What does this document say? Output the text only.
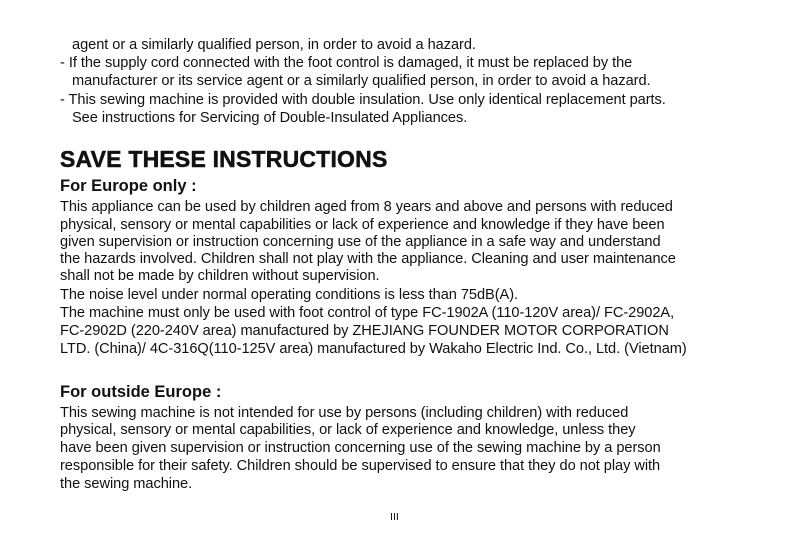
agent or a similarly qualified person, in order to avoid a hazard.
- If the supply cord connected with the foot control is damaged, it must be replaced by the
manufacturer or its service agent or a similarly qualified person, in order to avoid a hazard.
- This sewing machine is provided with double insulation. Use only identical replacement parts.
See instructions for Servicing of Double-Insulated Appliances.
SAVE THESE INSTRUCTIONS
For Europe only :
This appliance can be used by children aged from 8 years and above and persons with reduced
physical, sensory or mental capabilities or lack of experience and knowledge if they have been
given supervision or instruction concerning use of the appliance in a safe way and understand
the hazards involved. Children shall not play with the appliance. Cleaning and user maintenance
shall not be made by children without supervision.
The noise level under normal operating conditions is less than 75dB(A).
The machine must only be used with foot control of type FC-1902A (110-120V area)/ FC-2902A,
FC-2902D (220-240V area) manufactured by ZHEJIANG FOUNDER MOTOR CORPORATION
LTD. (China)/ 4C-316Q(110-125V area) manufactured by Wakaho Electric Ind. Co., Ltd. (Vietnam)
For outside Europe :
This sewing machine is not intended for use by persons (including children) with reduced
physical, sensory or mental capabilities, or lack of experience and knowledge, unless they
have been given supervision or instruction concerning use of the sewing machine by a person
responsible for their safety. Children should be supervised to ensure that they do not play with
the sewing machine.
III
